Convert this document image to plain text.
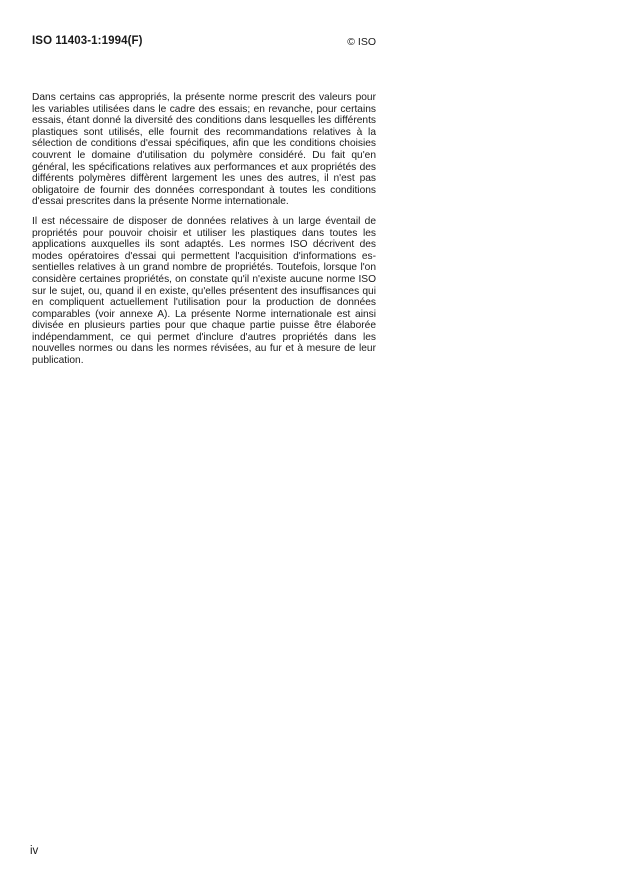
ISO 11403-1:1994(F)	© ISO

Dans certains cas appropriés, la présente norme prescrit des valeurs pour les variables utilisées dans le cadre des essais; en revanche, pour certains essais, étant donné la diversité des conditions dans lesquelles les différents plastiques sont utilisés, elle fournit des recommandations relatives à la sélection de conditions d'essai spécifiques, afin que les conditions choisies couvrent le domaine d'utilisation du polymère considéré. Du fait qu'en général, les spécifications relatives aux performances et aux propriétés des différents polymères diffèrent largement les unes des autres, il n'est pas obligatoire de fournir des données correspondant à toutes les conditions d'essai prescrites dans la présente Norme internationale.

Il est nécessaire de disposer de données relatives à un large éventail de propriétés pour pouvoir choisir et utiliser les plastiques dans toutes les applications auxquelles ils sont adaptés. Les normes ISO décrivent des modes opératoires d'essai qui permettent l'acquisition d'informations essentielles relatives à un grand nombre de propriétés. Toutefois, lorsque l'on considère certaines propriétés, on constate qu'il n'existe aucune norme ISO sur le sujet, ou, quand il en existe, qu'elles présentent des insuffisances qui en compliquent actuellement l'utilisation pour la production de données comparables (voir annexe A). La présente Norme internationale est ainsi divisée en plusieurs parties pour que chaque partie puisse être élaborée indépendamment, ce qui permet d'inclure d'autres propriétés dans les nouvelles normes ou dans les normes révisées, au fur et à mesure de leur publication.

iv
